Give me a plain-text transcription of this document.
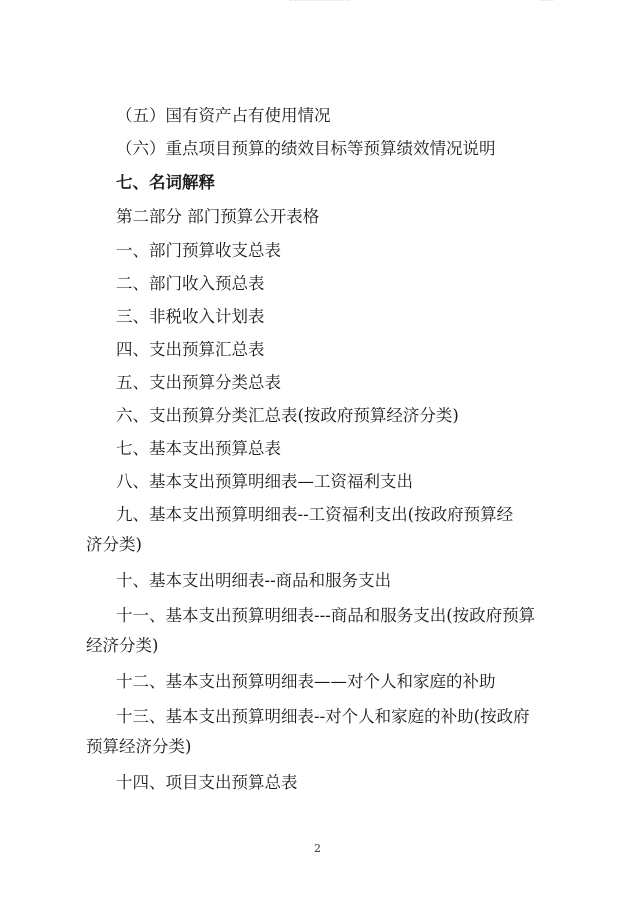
（五）国有资产占有使用情况

（六）重点项目预算的绩效目标等预算绩效情况说明

七、名词解释

第二部分 部门预算公开表格

一、部门预算收支总表

二、部门收入预总表

三、非税收入计划表

四、支出预算汇总表

五、支出预算分类总表

六、支出预算分类汇总表(按政府预算经济分类)

七、基本支出预算总表

八、基本支出预算明细表—工资福利支出

九、基本支出预算明细表--工资福利支出(按政府预算经

济分类)

十、基本支出明细表--商品和服务支出

十一、基本支出预算明细表---商品和服务支出(按政府预算

经济分类)

十二、基本支出预算明细表——对个人和家庭的补助

十三、基本支出预算明细表--对个人和家庭的补助(按政府

预算经济分类)

十四、项目支出预算总表

2
